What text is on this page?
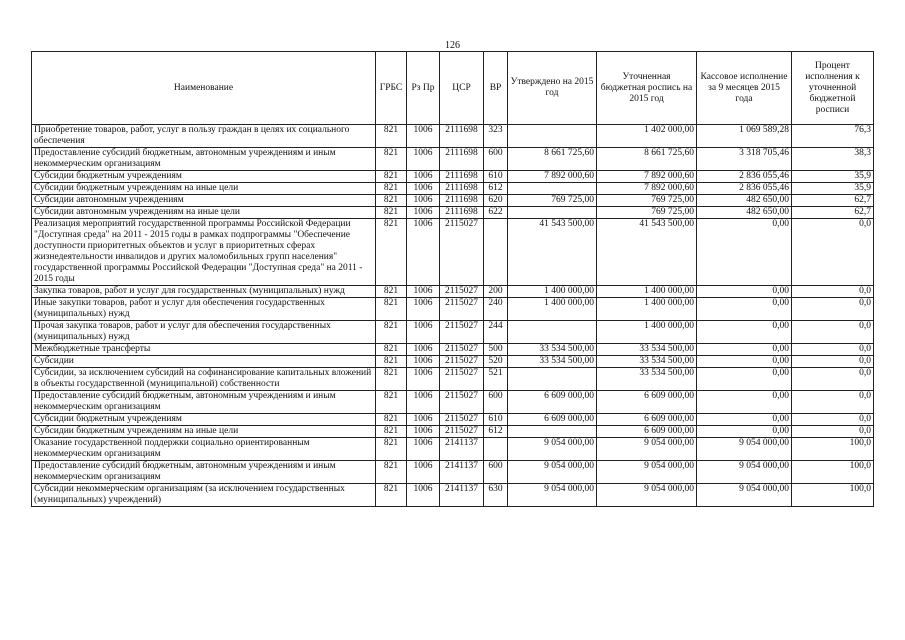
126
Наименование	ГРБС	Рз Пр	ЦСР	ВР	Утверждено на 2015 год	Уточненная бюджетная роспись на 2015 год	Кассовое исполнение за 9 месяцев 2015 года	Процент исполнения к уточненной бюджетной росписи
Приобретение товаров, работ, услуг в пользу граждан в целях их социального обеспечения	821	1006	2111698	323		1 402 000,00	1 069 589,28	76,3
Предоставление субсидий бюджетным, автономным учреждениям и иным некоммерческим организациям	821	1006	2111698	600	8 661 725,60	8 661 725,60	3 318 705,46	38,3
Субсидии бюджетным учреждениям	821	1006	2111698	610	7 892 000,60	7 892 000,60	2 836 055,46	35,9
Субсидии бюджетным учреждениям на иные цели	821	1006	2111698	612		7 892 000,60	2 836 055,46	35,9
Субсидии автономным учреждениям	821	1006	2111698	620	769 725,00	769 725,00	482 650,00	62,7
Субсидии автономным учреждениям на иные цели	821	1006	2111698	622		769 725,00	482 650,00	62,7
Реализация мероприятий государственной программы Российской Федерации "Доступная среда" на 2011 - 2015 годы в рамках подпрограммы "Обеспечение доступности приоритетных объектов и услуг в приоритетных сферах жизнедеятельности инвалидов и других маломобильных групп населения" государственной программы Российской Федерации "Доступная среда" на 2011 - 2015 годы	821	1006	2115027		41 543 500,00	41 543 500,00	0,00	0,0
Закупка товаров, работ и услуг для государственных (муниципальных) нужд	821	1006	2115027	200	1 400 000,00	1 400 000,00	0,00	0,0
Иные закупки товаров, работ и услуг для обеспечения государственных (муниципальных) нужд	821	1006	2115027	240	1 400 000,00	1 400 000,00	0,00	0,0
Прочая закупка товаров, работ и услуг для обеспечения государственных (муниципальных) нужд	821	1006	2115027	244		1 400 000,00	0,00	0,0
Межбюджетные трансферты	821	1006	2115027	500	33 534 500,00	33 534 500,00	0,00	0,0
Субсидии	821	1006	2115027	520	33 534 500,00	33 534 500,00	0,00	0,0
Субсидии, за исключением субсидий на софинансирование капитальных вложений в объекты государственной (муниципальной) собственности	821	1006	2115027	521		33 534 500,00	0,00	0,0
Предоставление субсидий бюджетным, автономным учреждениям и иным некоммерческим организациям	821	1006	2115027	600	6 609 000,00	6 609 000,00	0,00	0,0
Субсидии бюджетным учреждениям	821	1006	2115027	610	6 609 000,00	6 609 000,00	0,00	0,0
Субсидии бюджетным учреждениям на иные цели	821	1006	2115027	612		6 609 000,00	0,00	0,0
Оказание государственной поддержки социально ориентированным некоммерческим организациям	821	1006	2141137		9 054 000,00	9 054 000,00	9 054 000,00	100,0
Предоставление субсидий бюджетным, автономным учреждениям и иным некоммерческим организациям	821	1006	2141137	600	9 054 000,00	9 054 000,00	9 054 000,00	100,0
Субсидии некоммерческим организациям (за исключением государственных (муниципальных) учреждений)	821	1006	2141137	630	9 054 000,00	9 054 000,00	9 054 000,00	100,0
